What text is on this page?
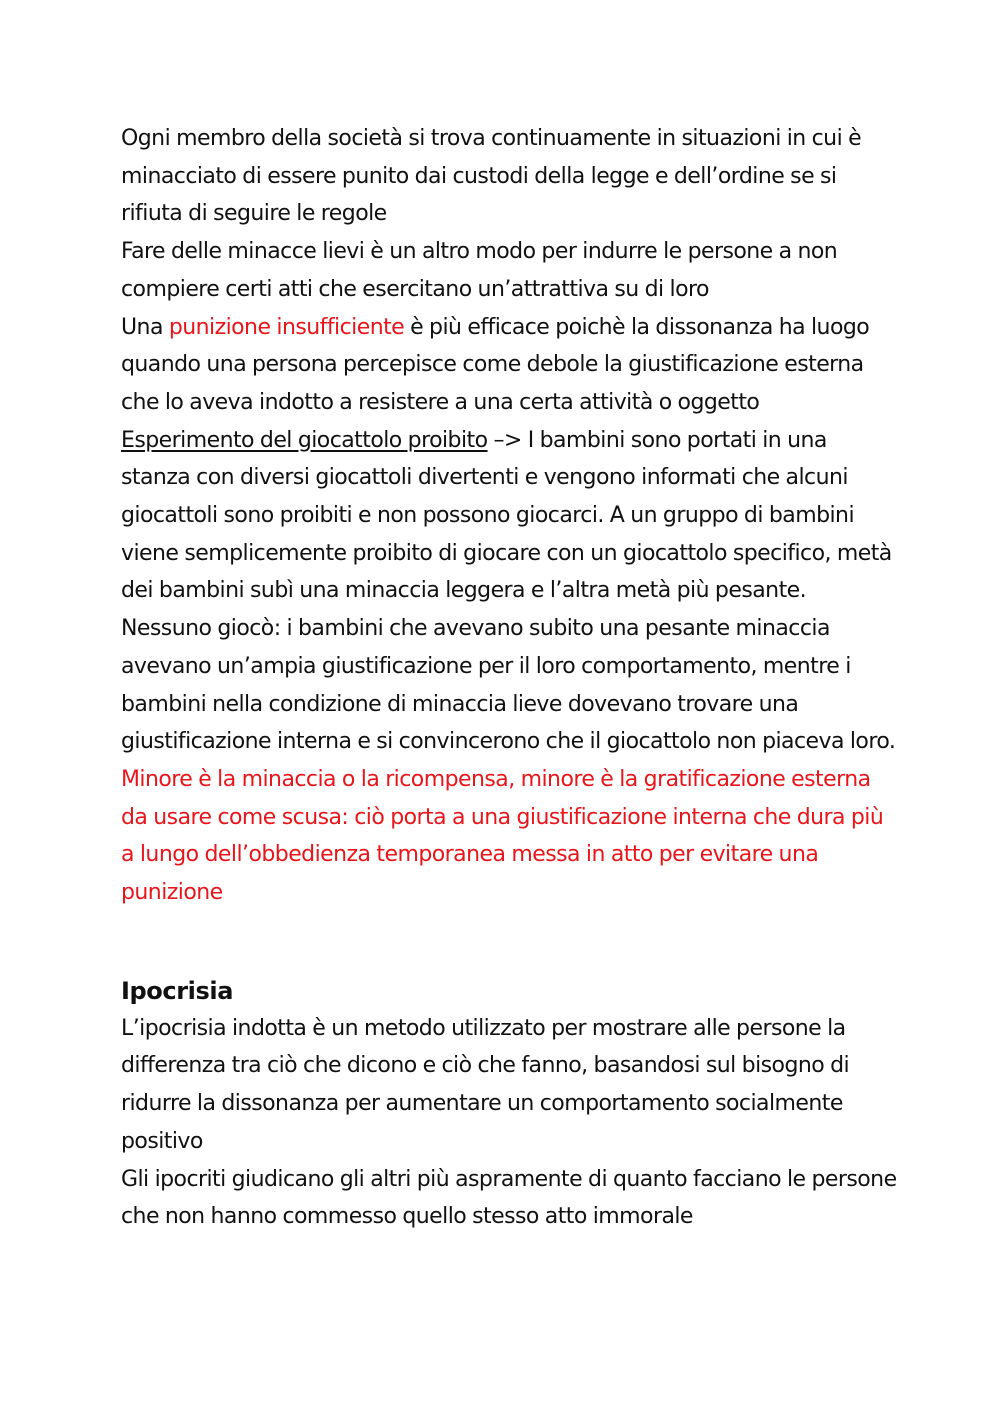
Ogni membro della società si trova continuamente in situazioni in cui è minacciato di essere punito dai custodi della legge e dell’ordine se si rifiuta di seguire le regole

Fare delle minacce lievi è un altro modo per indurre le persone a non compiere certi atti che esercitano un’attrattiva su di loro

Una punizione insufficiente è più efficace poichè la dissonanza ha luogo quando una persona percepisce come debole la giustificazione esterna che lo aveva indotto a resistere a una certa attività o oggetto

Esperimento del giocattolo proibito –> I bambini sono portati in una stanza con diversi giocattoli divertenti e vengono informati che alcuni giocattoli sono proibiti e non possono giocarci. A un gruppo di bambini viene semplicemente proibito di giocare con un giocattolo specifico, metà dei bambini subì una minaccia leggera e l’altra metà più pesante. Nessuno giocò: i bambini che avevano subito una pesante minaccia avevano un’ampia giustificazione per il loro comportamento, mentre i bambini nella condizione di minaccia lieve dovevano trovare una giustificazione interna e si convincerono che il giocattolo non piaceva loro.

Minore è la minaccia o la ricompensa, minore è la gratificazione esterna da usare come scusa: ciò porta a una giustificazione interna che dura più a lungo dell’obbedienza temporanea messa in atto per evitare una punizione

Ipocrisia

L’ipocrisia indotta è un metodo utilizzato per mostrare alle persone la differenza tra ciò che dicono e ciò che fanno, basandosi sul bisogno di ridurre la dissonanza per aumentare un comportamento socialmente positivo

Gli ipocriti giudicano gli altri più aspramente di quanto facciano le persone che non hanno commesso quello stesso atto immorale
